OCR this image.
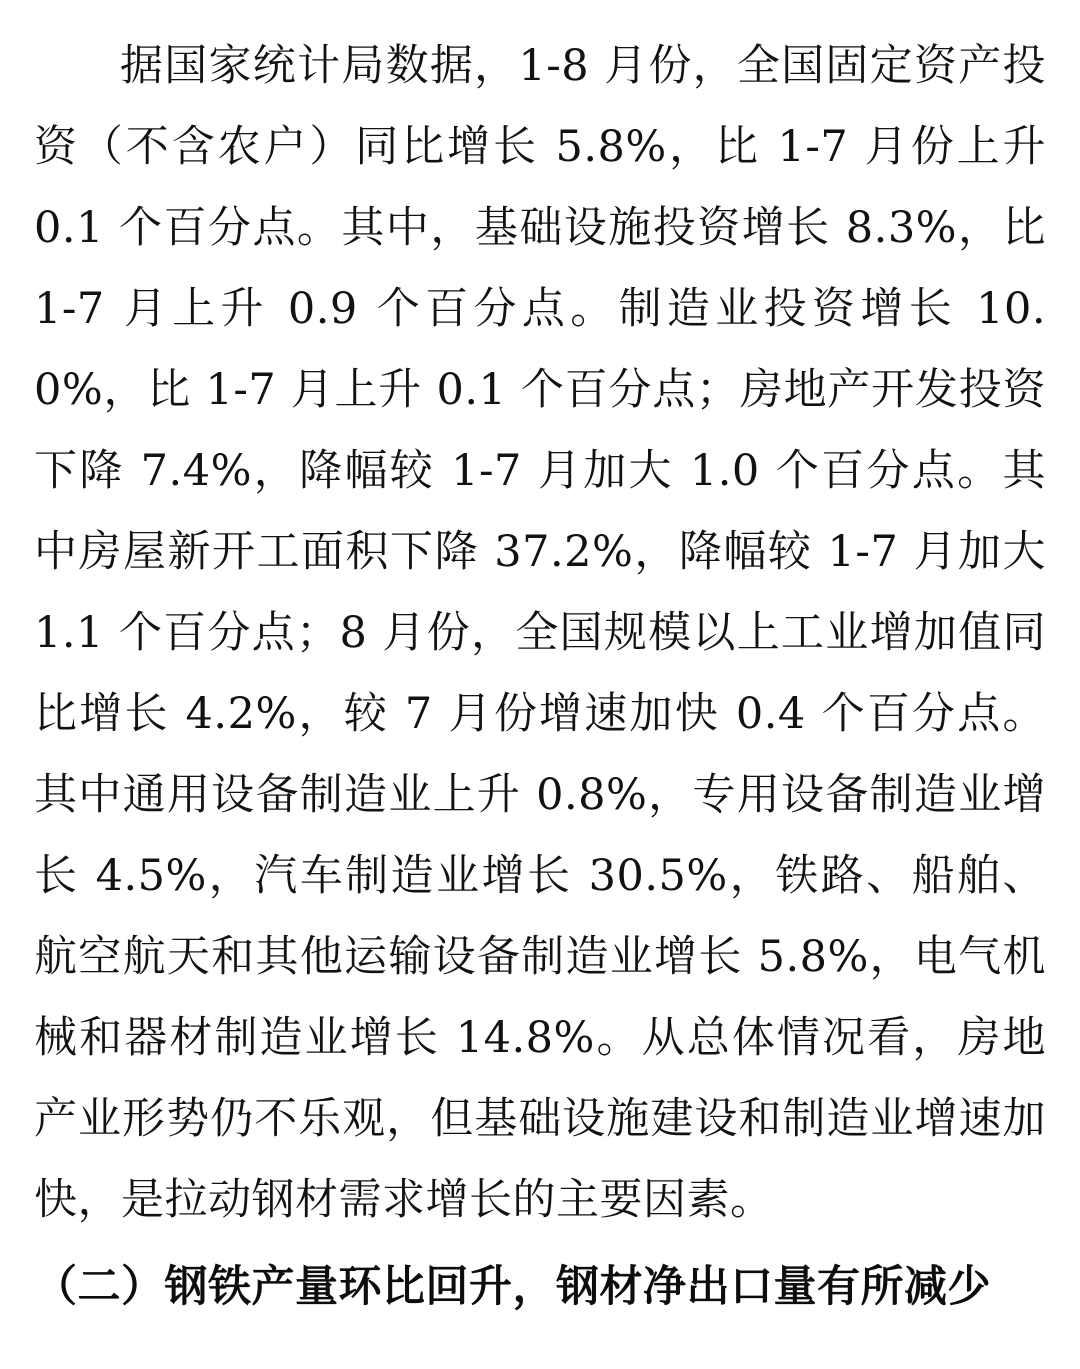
据国家统计局数据，1-8 月份，全国固定资产投资（不含农户）同比增长 5.8%，比 1-7 月份上升 0.1 个百分点。其中，基础设施投资增长 8.3%，比 1-7 月上升 0.9 个百分点。制造业投资增长 10.0%，比 1-7 月上升 0.1 个百分点；房地产开发投资下降 7.4%，降幅较 1-7 月加大 1.0 个百分点。其中房屋新开工面积下降 37.2%，降幅较 1-7 月加大 1.1 个百分点；8 月份，全国规模以上工业增加值同比增长 4.2%，较 7 月份增速加快 0.4 个百分点。其中通用设备制造业上升 0.8%，专用设备制造业增长 4.5%，汽车制造业增长 30.5%，铁路、船舶、航空航天和其他运输设备制造业增长 5.8%，电气机械和器材制造业增长 14.8%。从总体情况看，房地产业形势仍不乐观，但基础设施建设和制造业增速加快，是拉动钢材需求增长的主要因素。

（二）钢铁产量环比回升，钢材净出口量有所减少
